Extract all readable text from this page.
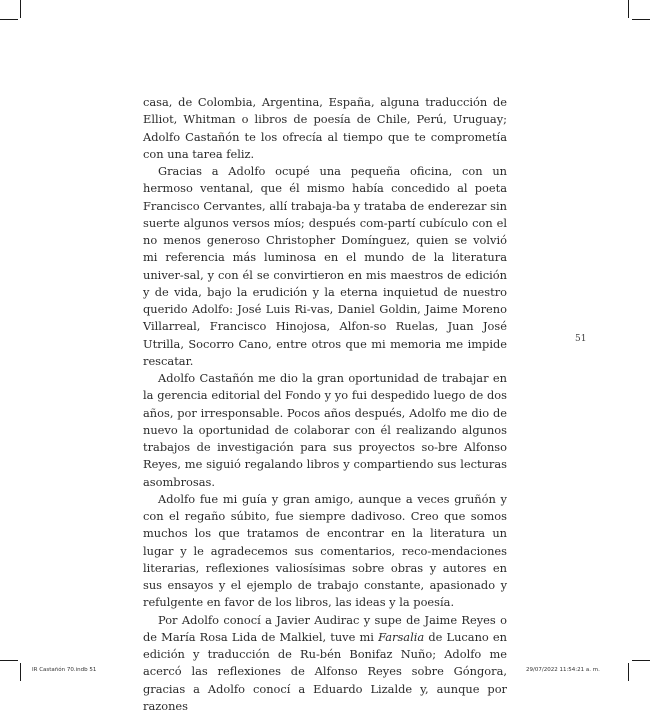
casa, de Colombia, Argentina, España, alguna traducción de Elliot, Whitman o libros de poesía de Chile, Perú, Uruguay; Adolfo Castañón te los ofrecía al tiempo que te comprometía con una tarea feliz.

Gracias a Adolfo ocupé una pequeña oficina, con un hermoso ventanal, que él mismo había concedido al poeta Francisco Cervantes, allí trabaja-ba y trataba de enderezar sin suerte algunos versos míos; después com-partí cubículo con el no menos generoso Christopher Domínguez, quien se volvió mi referencia más luminosa en el mundo de la literatura univer-sal, y con él se convirtieron en mis maestros de edición y de vida, bajo la erudición y la eterna inquietud de nuestro querido Adolfo: José Luis Ri-vas, Daniel Goldin, Jaime Moreno Villarreal, Francisco Hinojosa, Alfon-so Ruelas, Juan José Utrilla, Socorro Cano, entre otros que mi memoria me impide rescatar.

Adolfo Castañón me dio la gran oportunidad de trabajar en la gerencia editorial del Fondo y yo fui despedido luego de dos años, por irresponsable. Pocos años después, Adolfo me dio de nuevo la oportunidad de colaborar con él realizando algunos trabajos de investigación para sus proyectos so-bre Alfonso Reyes, me siguió regalando libros y compartiendo sus lecturas asombrosas.

Adolfo fue mi guía y gran amigo, aunque a veces gruñón y con el regaño súbito, fue siempre dadivoso. Creo que somos muchos los que tratamos de encontrar en la literatura un lugar y le agradecemos sus comentarios, reco-mendaciones literarias, reflexiones valiosísimas sobre obras y autores en sus ensayos y el ejemplo de trabajo constante, apasionado y refulgente en favor de los libros, las ideas y la poesía.

Por Adolfo conocí a Javier Audirac y supe de Jaime Reyes o de María Rosa Lida de Malkiel, tuve mi Farsalia de Lucano en edición y traducción de Ru-bén Bonifaz Nuño; Adolfo me acercó las reflexiones de Alfonso Reyes sobre Góngora, gracias a Adolfo conocí a Eduardo Lizalde y, aunque por razones

51
IR Castañón 70.indb 51	29/07/2022 11:54:21 a. m.
